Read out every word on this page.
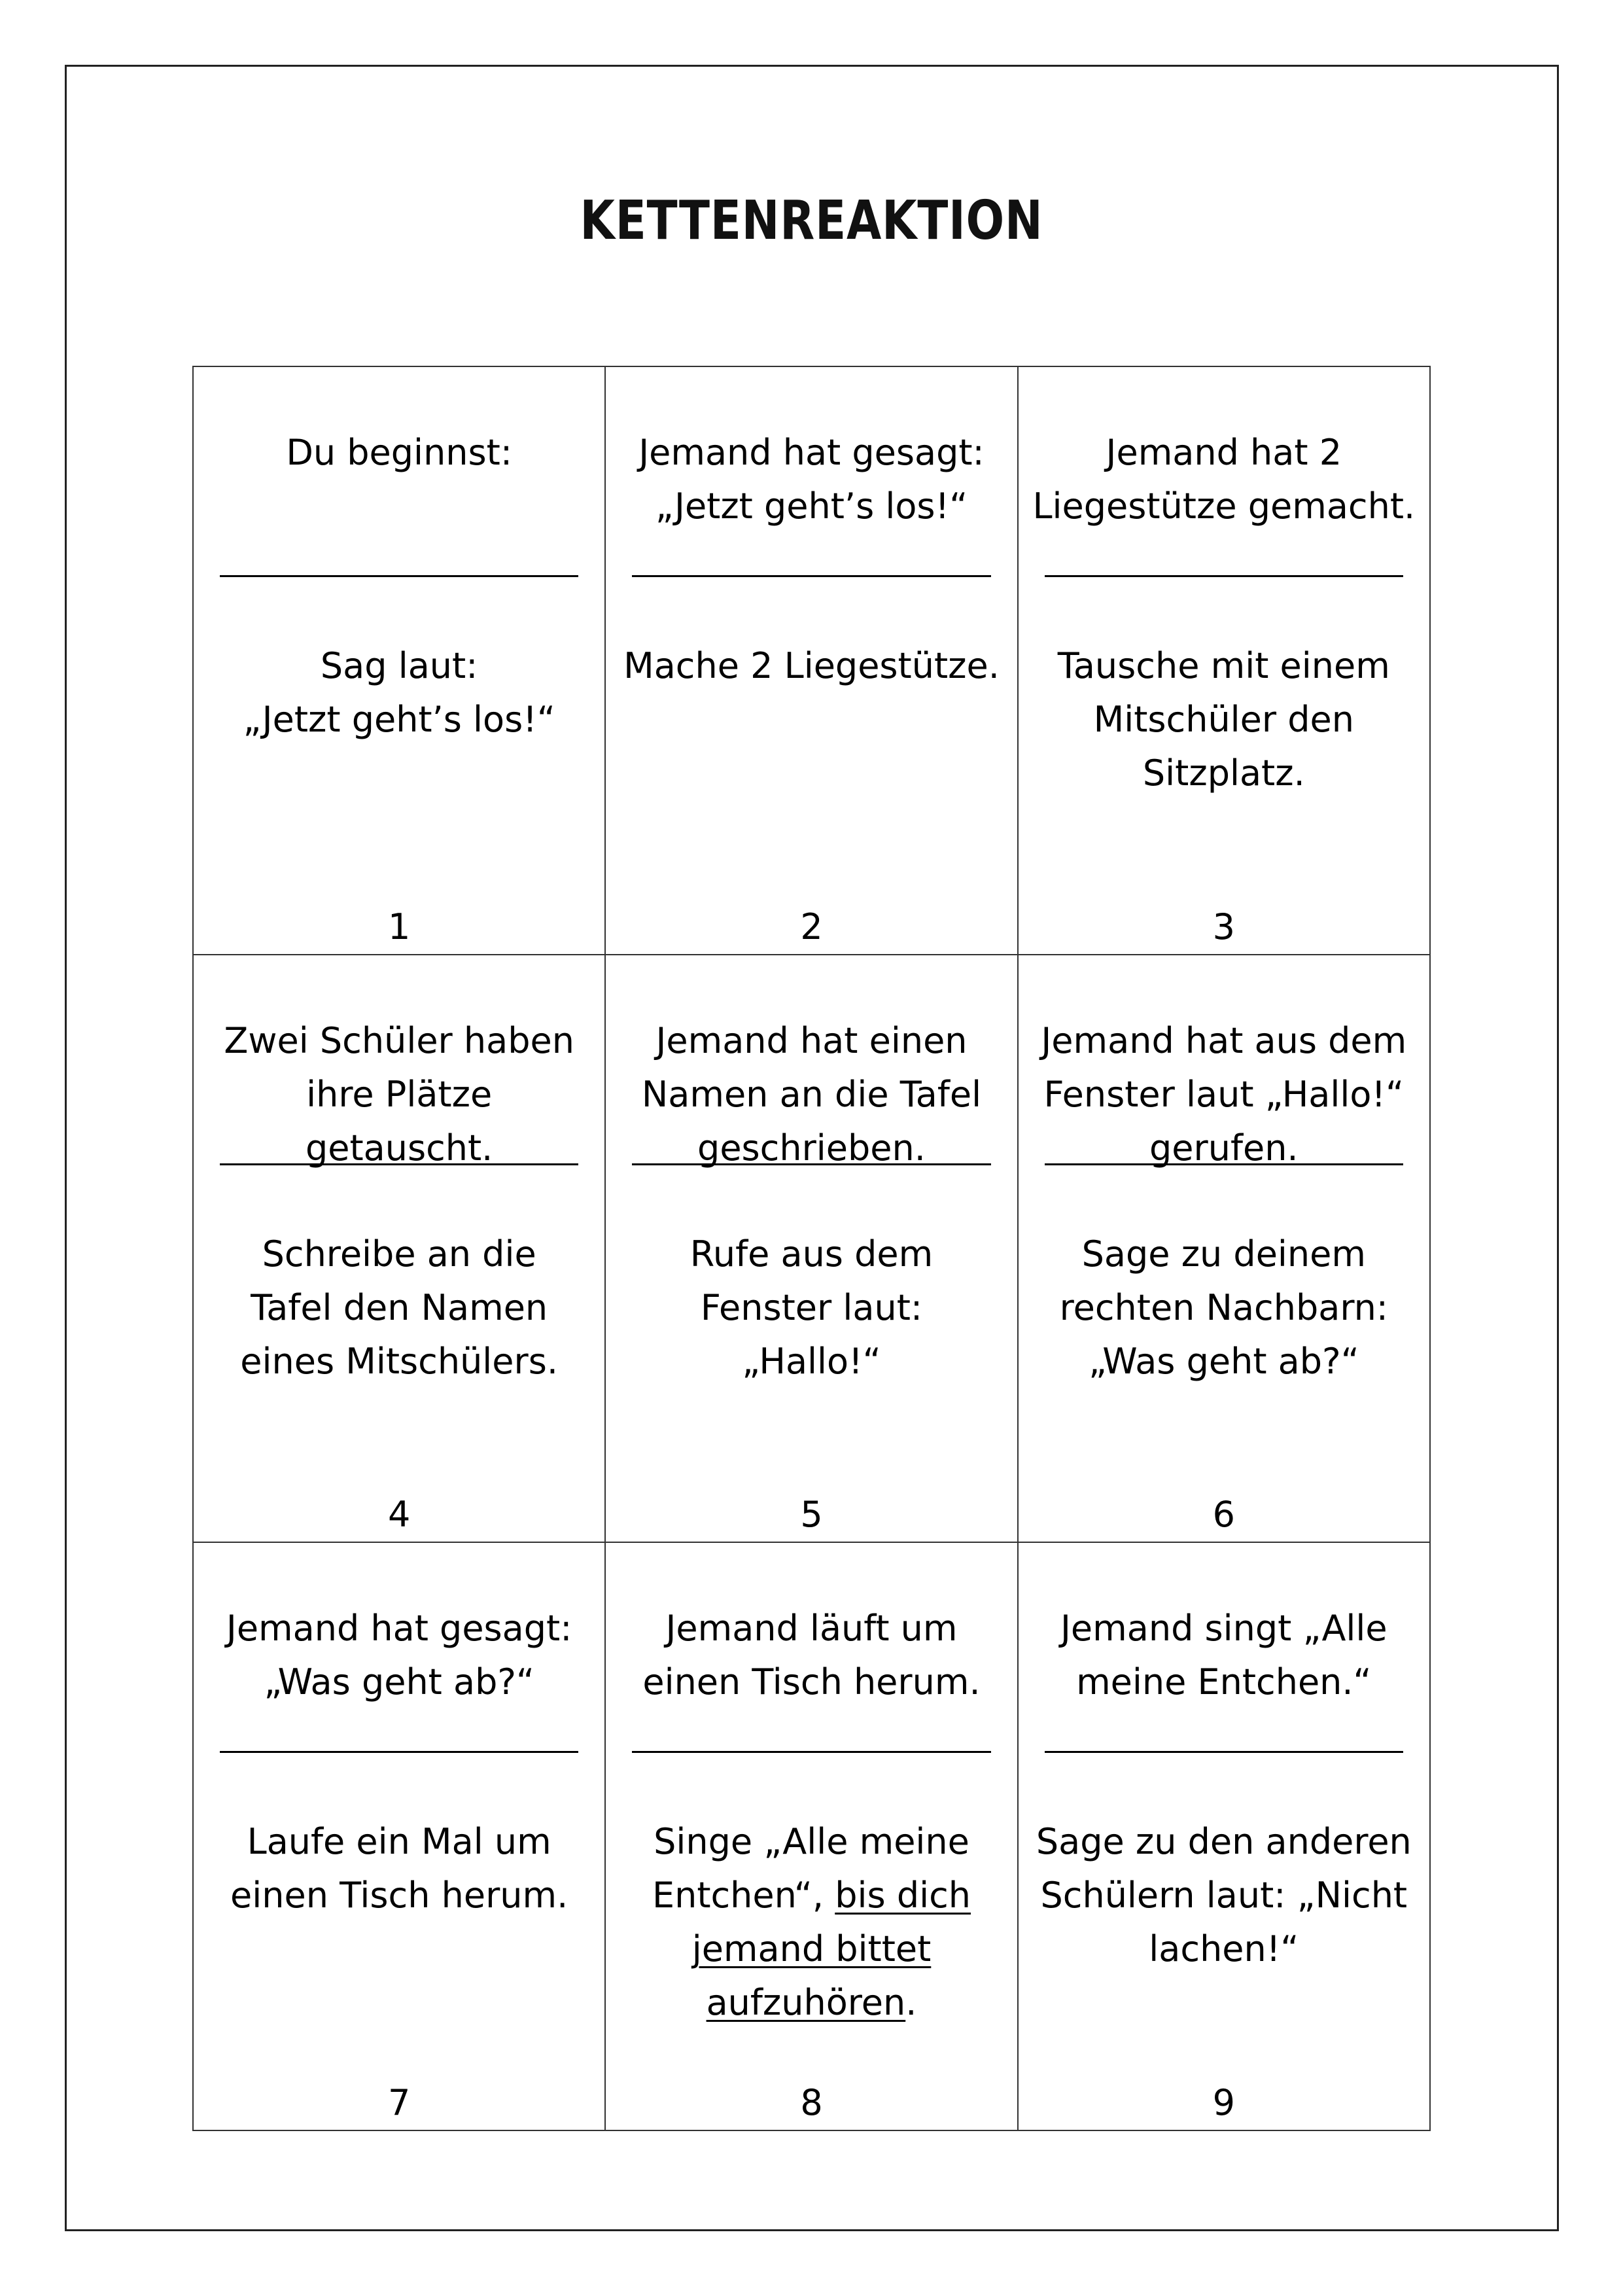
KETTENREAKTION
Du beginnst:
Sag laut:
„Jetzt geht’s los!“
1
Jemand hat gesagt:
„Jetzt geht’s los!“
Mache 2 Liegestütze.
2
Jemand hat 2
Liegestütze gemacht.
Tausche mit einem
Mitschüler den
Sitzplatz.
3
Zwei Schüler haben
ihre Plätze
getauscht.
Schreibe an die
Tafel den Namen
eines Mitschülers.
4
Jemand hat einen
Namen an die Tafel
geschrieben.
Rufe aus dem
Fenster laut:
„Hallo!“
5
Jemand hat aus dem
Fenster laut „Hallo!“
gerufen.
Sage zu deinem
rechten Nachbarn:
„Was geht ab?“
6
Jemand hat gesagt:
„Was geht ab?“
Laufe ein Mal um
einen Tisch herum.
7
Jemand läuft um
einen Tisch herum.
Singe „Alle meine
Entchen“, bis dich
jemand bittet
aufzuhören.
8
Jemand singt „Alle
meine Entchen.“
Sage zu den anderen
Schülern laut: „Nicht
lachen!“
9
